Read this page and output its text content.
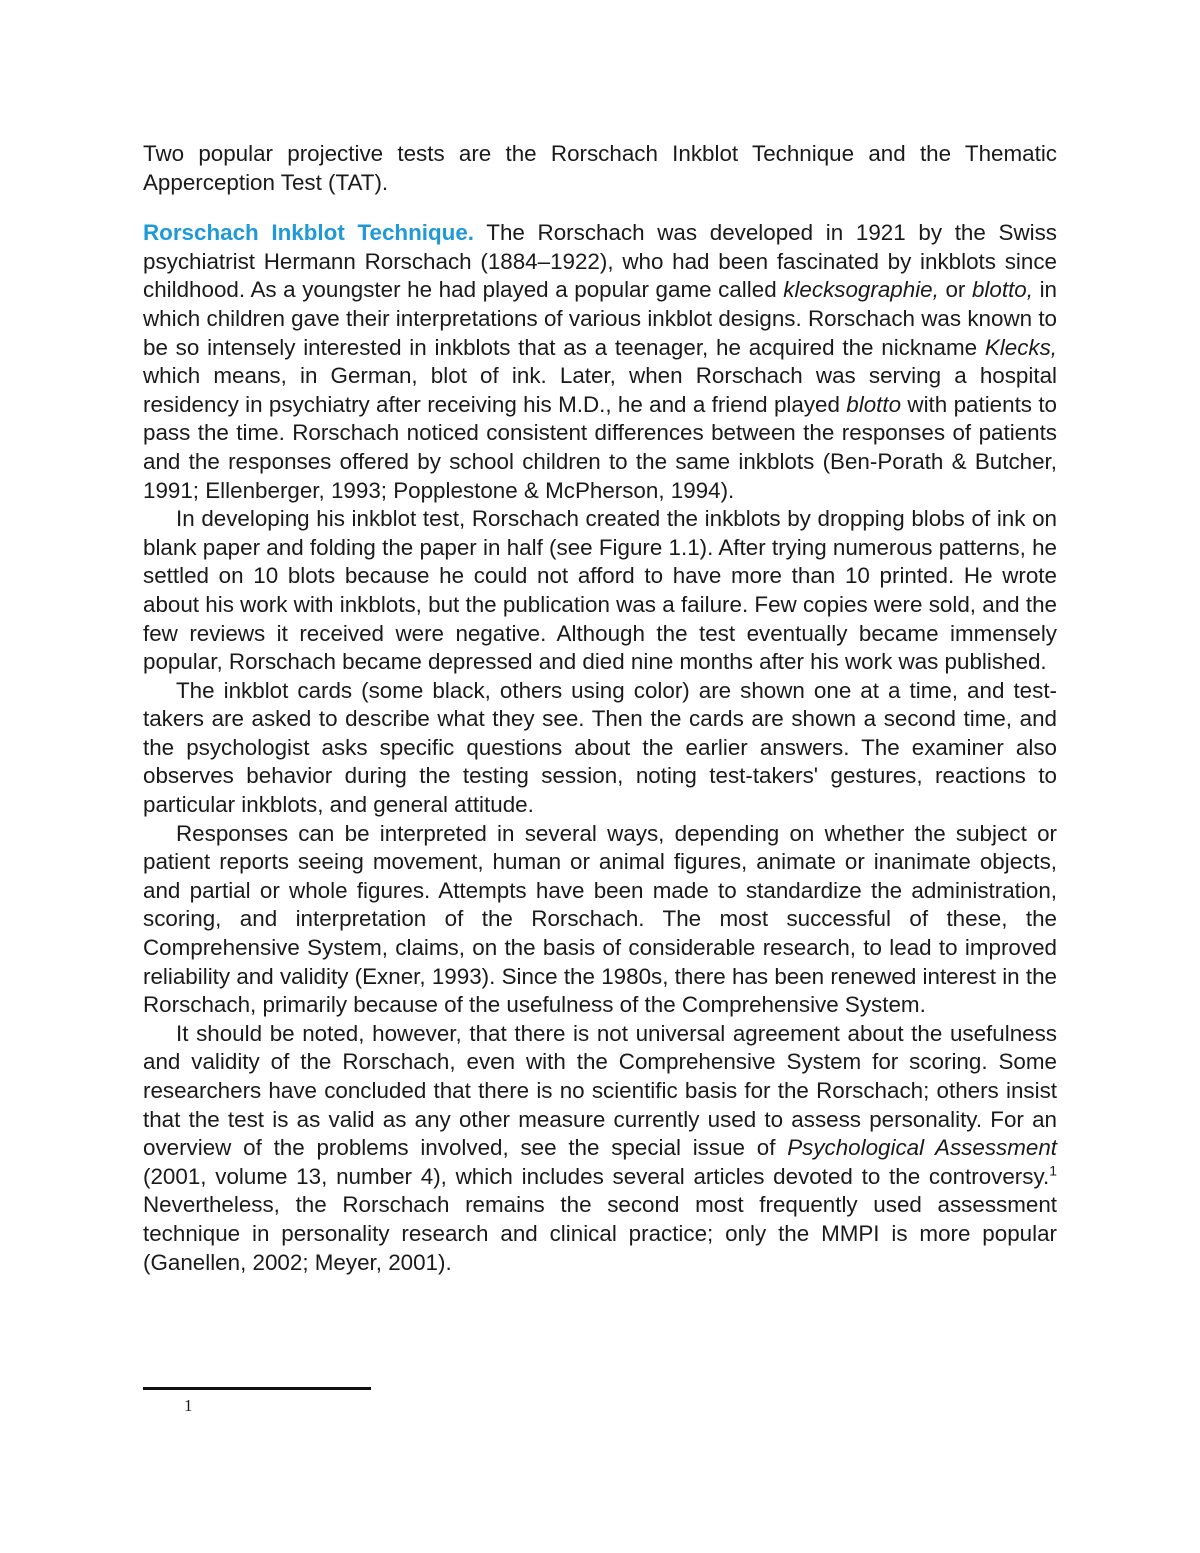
Two popular projective tests are the Rorschach Inkblot Technique and the Thematic Apperception Test (TAT).

Rorschach Inkblot Technique. The Rorschach was developed in 1921 by the Swiss psychiatrist Hermann Rorschach (1884–1922), who had been fascinated by inkblots since childhood. As a youngster he had played a popular game called klecksographie, or blotto, in which children gave their interpretations of various inkblot designs. Rorschach was known to be so intensely interested in inkblots that as a teenager, he acquired the nickname Klecks, which means, in German, blot of ink. Later, when Rorschach was serving a hospital residency in psychiatry after receiving his M.D., he and a friend played blotto with patients to pass the time. Rorschach noticed consistent differences between the responses of patients and the responses offered by school children to the same inkblots (Ben-Porath & Butcher, 1991; Ellenberger, 1993; Popplestone & McPherson, 1994).

In developing his inkblot test, Rorschach created the inkblots by dropping blobs of ink on blank paper and folding the paper in half (see Figure 1.1). After trying numerous patterns, he settled on 10 blots because he could not afford to have more than 10 printed. He wrote about his work with inkblots, but the publication was a failure. Few copies were sold, and the few reviews it received were negative. Although the test eventually became immensely popular, Rorschach became depressed and died nine months after his work was published.

The inkblot cards (some black, others using color) are shown one at a time, and test-takers are asked to describe what they see. Then the cards are shown a second time, and the psychologist asks specific questions about the earlier answers. The examiner also observes behavior during the testing session, noting test-takers' gestures, reactions to particular inkblots, and general attitude.

Responses can be interpreted in several ways, depending on whether the subject or patient reports seeing movement, human or animal figures, animate or inanimate objects, and partial or whole figures. Attempts have been made to standardize the administration, scoring, and interpretation of the Rorschach. The most successful of these, the Comprehensive System, claims, on the basis of considerable research, to lead to improved reliability and validity (Exner, 1993). Since the 1980s, there has been renewed interest in the Rorschach, primarily because of the usefulness of the Comprehensive System.

It should be noted, however, that there is not universal agreement about the usefulness and validity of the Rorschach, even with the Comprehensive System for scoring. Some researchers have concluded that there is no scientific basis for the Rorschach; others insist that the test is as valid as any other measure currently used to assess personality. For an overview of the problems involved, see the special issue of Psychological Assessment (2001, volume 13, number 4), which includes several articles devoted to the controversy.$^1$ Nevertheless, the Rorschach remains the second most frequently used assessment technique in personality research and clinical practice; only the MMPI is more popular (Ganellen, 2002; Meyer, 2001).

1
